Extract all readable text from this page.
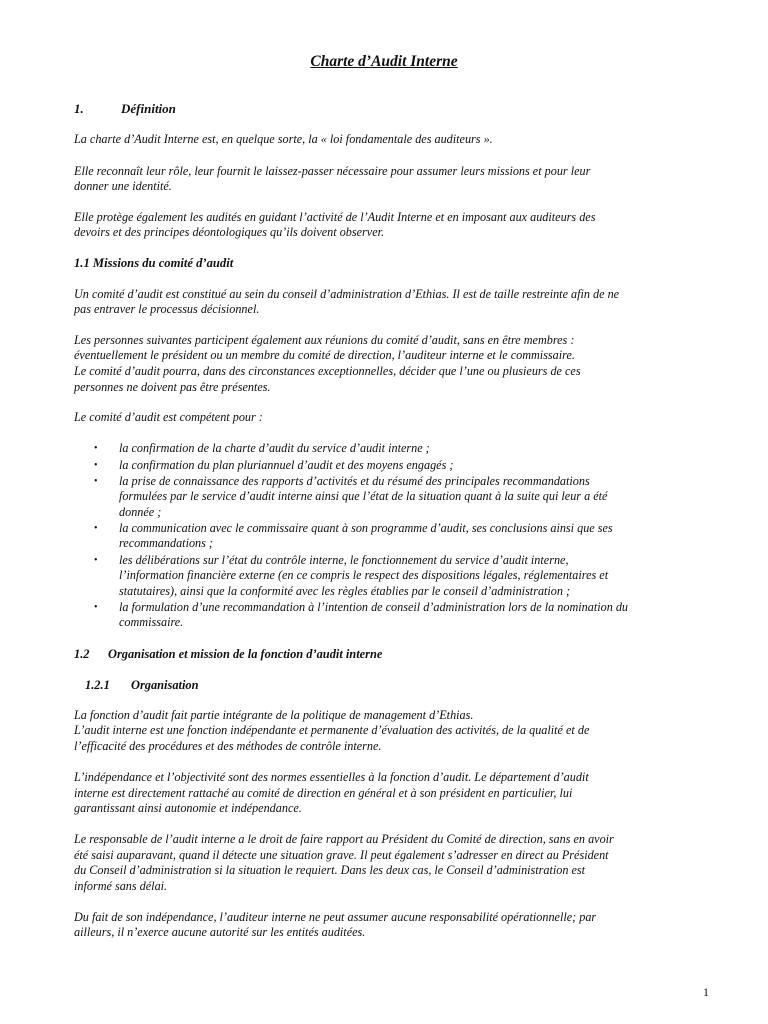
Charte d’Audit Interne
1.	Définition
La charte d’Audit Interne est, en quelque sorte, la « loi fondamentale des auditeurs ».
Elle reconnaît leur rôle, leur fournit le laissez-passer nécessaire pour assumer leurs missions et pour leur
donner une identité.
Elle protège également les audités en guidant l’activité de l’Audit Interne et en imposant aux auditeurs des
devoirs et des principes déontologiques qu’ils doivent observer.
1.1 Missions du comité d’audit
Un comité d’audit est constitué au sein du conseil d’administration d’Ethias. Il est de taille restreinte afin de ne
pas entraver le processus décisionnel.
Les personnes suivantes participent également aux réunions du comité d’audit, sans en être membres :
éventuellement le président ou un membre du comité de direction, l’auditeur interne et le commissaire.
Le comité d’audit pourra, dans des circonstances exceptionnelles, décider que l’une ou plusieurs de ces
personnes ne doivent pas être présentes.
Le comité d’audit est compétent pour :
• la confirmation de la charte d’audit du service d’audit interne ;
• la confirmation du plan pluriannuel d’audit et des moyens engagés ;
• la prise de connaissance des rapports d’activités et du résumé des principales recommandations
formulées par le service d’audit interne ainsi que l’état de la situation quant à la suite qui leur a été
donnée ;
• la communication avec le commissaire quant à son programme d’audit, ses conclusions ainsi que ses
recommandations ;
• les délibérations sur l’état du contrôle interne, le fonctionnement du service d’audit interne,
l’information financière externe (en ce compris le respect des dispositions légales, réglementaires et
statutaires), ainsi que la conformité avec les règles établies par le conseil d’administration ;
• la formulation d’une recommandation à l’intention de conseil d’administration lors de la nomination du
commissaire.
1.2 Organisation et mission de la fonction d’audit interne
1.2.1 Organisation
La fonction d’audit fait partie intégrante de la politique de management d’Ethias.
L’audit interne est une fonction indépendante et permanente d’évaluation des activités, de la qualité et de
l’efficacité des procédures et des méthodes de contrôle interne.
L’indépendance et l’objectivité sont des normes essentielles à la fonction d’audit. Le département d’audit
interne est directement rattaché au comité de direction en général et à son président en particulier, lui
garantissant ainsi autonomie et indépendance.
Le responsable de l’audit interne a le droit de faire rapport au Président du Comité de direction, sans en avoir
été saisi auparavant, quand il détecte une situation grave. Il peut également s’adresser en direct au Président
du Conseil d’administration si la situation le requiert. Dans les deux cas, le Conseil d’administration est
informé sans délai.
Du fait de son indépendance, l’auditeur interne ne peut assumer aucune responsabilité opérationnelle; par
ailleurs, il n’exerce aucune autorité sur les entités auditées.
1
